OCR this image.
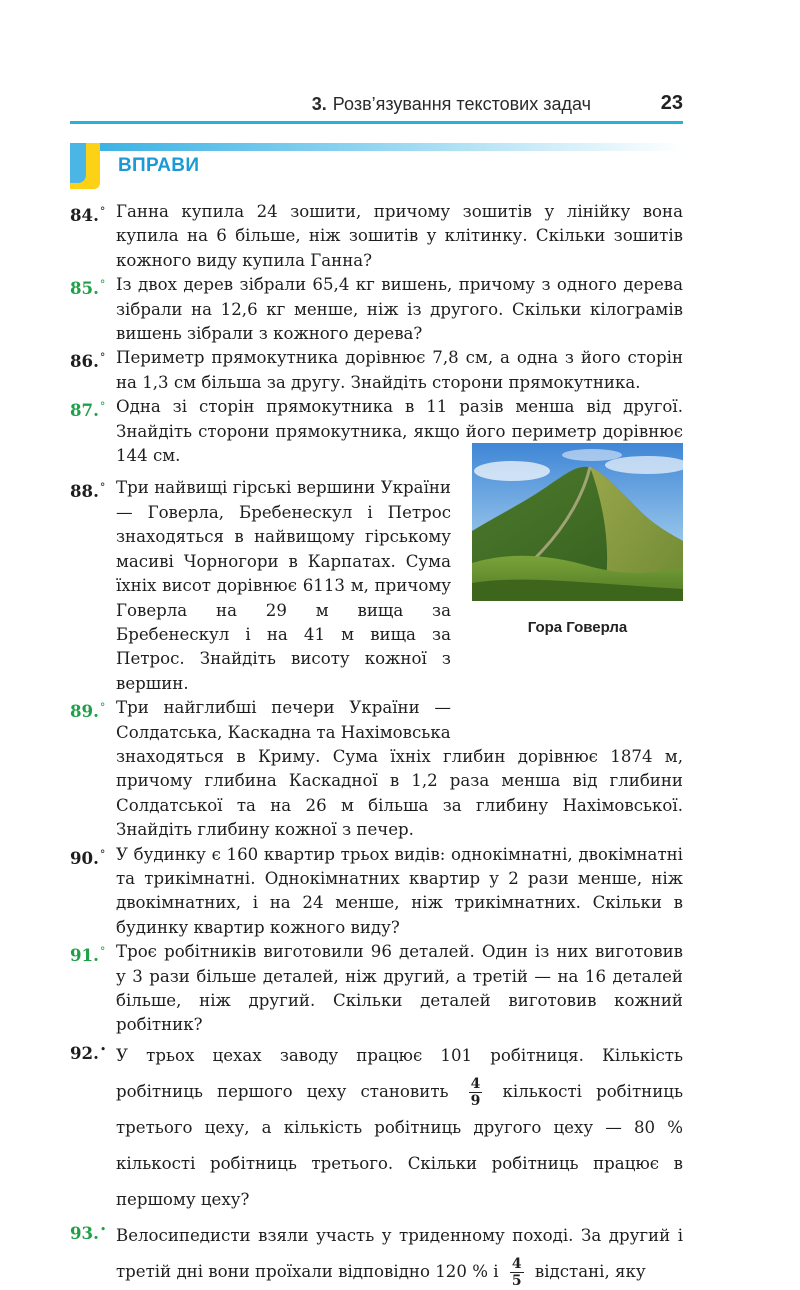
3. Розв’язування текстових задач	23
ВПРАВИ
Гора Говерла
84.° Ганна купила 24 зошити, причому зошитів у лінійку вона купила на 6 більше, ніж зошитів у клітинку. Скільки зошитів кожного виду купила Ганна?
85.° Із двох дерев зібрали 65,4 кг вишень, причому з одного дерева зібрали на 12,6 кг менше, ніж із другого. Скільки кілограмів вишень зібрали з кожного дерева?
86.° Периметр прямокутника дорівнює 7,8 см, а одна з його сторін на 1,3 см більша за другу. Знайдіть сторони прямокутника.
87.° Одна зі сторін прямокутника в 11 разів менша від другої. Знайдіть сторони прямокутника, якщо його периметр дорівнює 144 см.
88.° Три найвищі гірські вершини України — Говерла, Бребенескул і Петрос знаходяться в найвищому гірському масиві Чорногори в Карпатах. Сума їхніх висот дорівнює 6113 м, причому Говерла на 29 м вища за Бребенескул і на 41 м вища за Петрос. Знайдіть висоту кожної з вершин.
89.° Три найглибші печери України — Солдатська, Каскадна та Нахімовська
знаходяться в Криму. Сума їхніх глибин дорівнює 1874 м, причому глибина Каскадної в 1,2 раза менша від глибини Солдатської та на 26 м більша за глибину Нахімовської. Знайдіть глибину кожної з печер.
90.° У будинку є 160 квартир трьох видів: однокімнатні, двокімнатні та трикімнатні. Однокімнатних квартир у 2 рази менше, ніж двокімнатних, і на 24 менше, ніж трикімнатних. Скільки в будинку квартир кожного виду?
91.° Троє робітників виготовили 96 деталей. Один із них виготовив у 3 рази більше деталей, ніж другий, а третій — на 16 деталей більше, ніж другий. Скільки деталей виготовив кожний робітник?
92.• У трьох цехах заводу працює 101 робітниця. Кількість робітниць першого цеху становить $\frac{4}{9}$ кількості робітниць третього цеху, а кількість робітниць другого цеху — 80 % кількості робітниць третього. Скільки робітниць працює в першому цеху?
93.• Велосипедисти взяли участь у триденному поході. За другий і третій дні вони проїхали відповідно 120 % і $\frac{4}{5}$ відстані, яку
